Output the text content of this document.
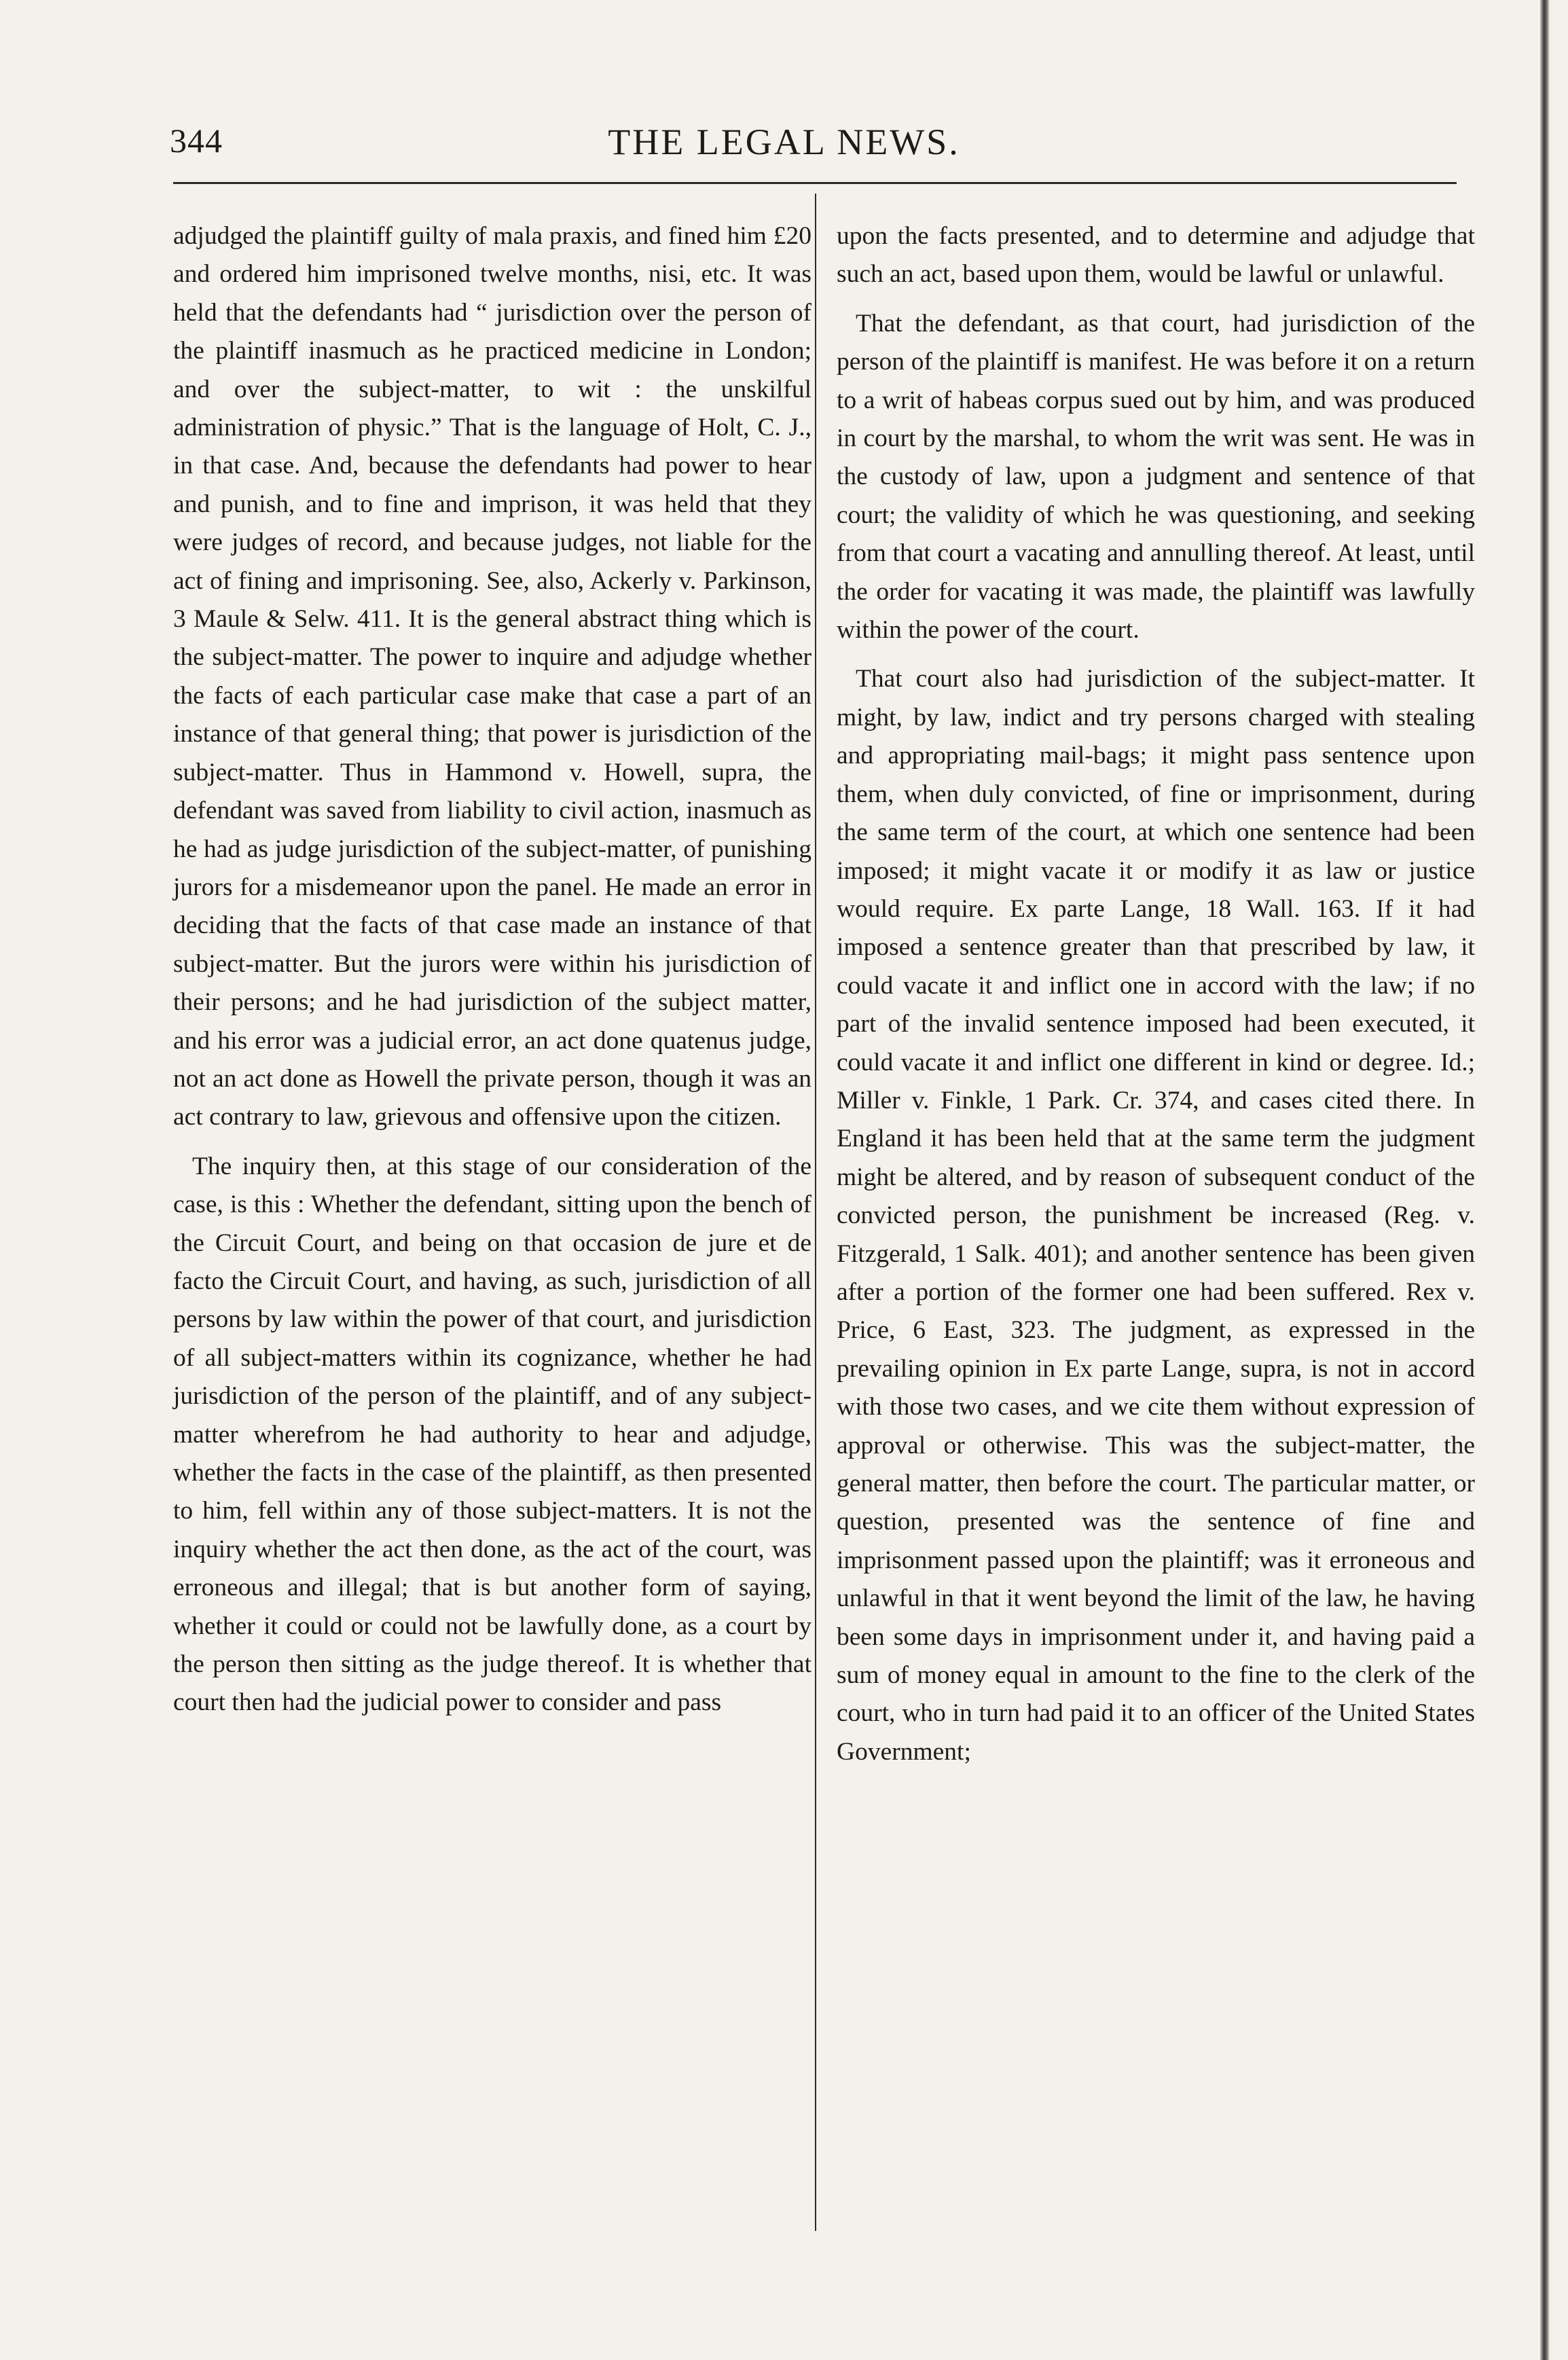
344	THE LEGAL NEWS.

adjudged the plaintiff guilty of mala praxis, and fined him £20 and ordered him imprisoned twelve months, nisi, etc. It was held that the defendants had “ jurisdiction over the person of the plaintiff inasmuch as he practiced medicine in London; and over the subject-matter, to wit : the unskilful administration of physic.” That is the language of Holt, C. J., in that case. And, because the defendants had power to hear and punish, and to fine and imprison, it was held that they were judges of record, and because judges, not liable for the act of fining and imprisoning. See, also, Ackerly v. Parkinson, 3 Maule & Selw. 411. It is the general abstract thing which is the subject-matter. The power to inquire and adjudge whether the facts of each particular case make that case a part of an instance of that general thing; that power is jurisdiction of the subject-matter. Thus in Hammond v. Howell, supra, the defendant was saved from liability to civil action, inasmuch as he had as judge jurisdiction of the subject-matter, of punishing jurors for a misdemeanor upon the panel. He made an error in deciding that the facts of that case made an instance of that subject-matter. But the jurors were within his jurisdiction of their persons; and he had jurisdiction of the subject matter, and his error was a judicial error, an act done quatenus judge, not an act done as Howell the private person, though it was an act contrary to law, grievous and offensive upon the citizen.

The inquiry then, at this stage of our consideration of the case, is this : Whether the defendant, sitting upon the bench of the Circuit Court, and being on that occasion de jure et de facto the Circuit Court, and having, as such, jurisdiction of all persons by law within the power of that court, and jurisdiction of all subject-matters within its cognizance, whether he had jurisdiction of the person of the plaintiff, and of any subject-matter wherefrom he had authority to hear and adjudge, whether the facts in the case of the plaintiff, as then presented to him, fell within any of those subject-matters. It is not the inquiry whether the act then done, as the act of the court, was erroneous and illegal; that is but another form of saying, whether it could or could not be lawfully done, as a court by the person then sitting as the judge thereof. It is whether that court then had the judicial power to consider and pass

upon the facts presented, and to determine and adjudge that such an act, based upon them, would be lawful or unlawful.

That the defendant, as that court, had jurisdiction of the person of the plaintiff is manifest. He was before it on a return to a writ of habeas corpus sued out by him, and was produced in court by the marshal, to whom the writ was sent. He was in the custody of law, upon a judgment and sentence of that court; the validity of which he was questioning, and seeking from that court a vacating and annulling thereof. At least, until the order for vacating it was made, the plaintiff was lawfully within the power of the court.

That court also had jurisdiction of the subject-matter. It might, by law, indict and try persons charged with stealing and appropriating mail-bags; it might pass sentence upon them, when duly convicted, of fine or imprisonment, during the same term of the court, at which one sentence had been imposed; it might vacate it or modify it as law or justice would require. Ex parte Lange, 18 Wall. 163. If it had imposed a sentence greater than that prescribed by law, it could vacate it and inflict one in accord with the law; if no part of the invalid sentence imposed had been executed, it could vacate it and inflict one different in kind or degree. Id.; Miller v. Finkle, 1 Park. Cr. 374, and cases cited there. In England it has been held that at the same term the judgment might be altered, and by reason of subsequent conduct of the convicted person, the punishment be increased (Reg. v. Fitzgerald, 1 Salk. 401); and another sentence has been given after a portion of the former one had been suffered. Rex v. Price, 6 East, 323. The judgment, as expressed in the prevailing opinion in Ex parte Lange, supra, is not in accord with those two cases, and we cite them without expression of approval or otherwise. This was the subject-matter, the general matter, then before the court. The particular matter, or question, presented was the sentence of fine and imprisonment passed upon the plaintiff; was it erroneous and unlawful in that it went beyond the limit of the law, he having been some days in imprisonment under it, and having paid a sum of money equal in amount to the fine to the clerk of the court, who in turn had paid it to an officer of the United States Government;
